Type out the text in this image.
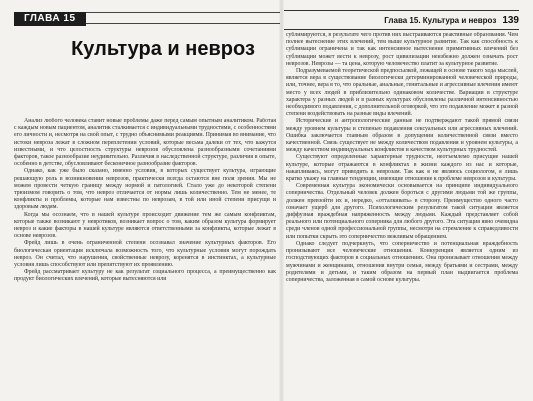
ГЛАВА 15
Культура и невроз

Анализ любого человека ставит новые проблемы даже перед самым опытным аналитиком. Работая с каждым новым пациентом, аналитик сталкивается с индивидуальными трудностями, с особенностями его личности и, несмотря на свой опыт, с трудно объяснимыми реакциями. Принимая во внимание, что истоки невроза лежат в сложном переплетении условий, которые весьма далеки от тех, что кажутся известными, и что целостность структуры неврозов обусловлена разнообразными сочетаниями факторов, такое разнообразие неудивительно. Различия в наследственной структуре, различия в опыте, особенно в детстве, обусловливают бесконечное разнообразие факторов.

Однако, как уже было сказано, именно условия, в которых существует культура, играющие решающую роль в возникновении неврозов, практически всегда остаются вне поля зрения. Мы не можем провести четкую границу между нормой и патологией. Стало уже до некоторой степени трюизмом говорить о том, что невроз отличается от нормы лишь количественно. Тем не менее, те конфликты и проблемы, которые нам известны по неврозам, в той или иной степени присущи и здоровым людям.

Когда мы осознаем, что в нашей культуре происходит движение тем же самым конфликтам, которые также возникают у невротиков, возникает вопрос о том, каким образом культура формирует невроз и какие факторы в нашей культуре являются ответственными за конфликты, которые лежат в основе неврозов.

Фрейд лишь в очень ограниченной степени осознавал значение культурных факторов. Его биологическая ориентация исключала возможность того, что культурные условия могут порождать невроз. Он считал, что нарушения, свойственные неврозу, коренятся в инстинктах, а культурные условия лишь способствуют или препятствуют их проявлению.

Фрейд рассматривает культуру не как результат социального процесса, а преимущественно как продукт биологических влечений, которые вытесняются или

Глава 15. Культура и невроз 139

сублимируются, в результате чего против них выстраиваются реактивные образования. Чем полнее вытеснение этих влечений, тем выше культурное развитие. Так как способность к сублимации ограничена и так как интенсивное вытеснение примитивных влечений без сублимации может вести к неврозу, рост цивилизации неизбежно должен означать рост неврозов. Неврозы — та цена, которую человечество платит за культурное развитие.

Подразумеваемой теоретической предпосылкой, лежащей в основе такого хода мыслей, является вера в существование биологически детерминированной человеческой природы, или, точнее, вера в то, что оральные, анальные, генитальные и агрессивные влечения имеют место у всех людей в приблизительно одинаковом количестве. Вариации в структуре характера у разных людей и в разных культурах обусловлены различной интенсивностью необходимого подавления, с дополнительной оговоркой, что это подавление может в разной степени воздействовать на разные виды влечений.

Исторические и антропологические данные не подтверждают такой прямой связи между уровнем культуры и степенью подавления сексуальных или агрессивных влечений. Ошибка заключается главным образом в допущении количественной связи вместо качественной. Связь существует не между количеством подавления и уровнем культуры, а между качеством индивидуальных конфликтов и качеством культурных трудностей.

Существуют определенные характерные трудности, неотъемлемо присущие нашей культуре, которые отражаются в конфликтах в жизни каждого из нас и которые, накапливаясь, могут приводить к неврозам. Так как я не являюсь социологом, я лишь кратко укажу на главные тенденции, имеющие отношение к проблеме неврозов и культуры.

Современная культура экономически основывается на принципе индивидуального соперничества. Отдельный человек должен бороться с другими людьми той же группы, должен превзойти их и, нередко, «отталкивать» в сторону. Преимущество одного часто означает ущерб для другого. Психологическим результатом такой ситуации является диффузная враждебная напряженность между людьми. Каждый представляет собой реального или потенциального соперника для любого другого. Эта ситуация явно очевидна среди членов одной профессиональной группы, несмотря на стремление к справедливости или попытки скрыть это соперничество вежливым обращением.

Однако следует подчеркнуть, что соперничество и потенциальная враждебность пронизывают все человеческие отношения. Конкуренция является одним из господствующих факторов в социальных отношениях. Она пронизывает отношения между мужчинами и женщинами, отношения внутри семьи, между братьями и сестрами, между родителями и детьми, и таким образом на первый план выдвигается проблема соперничества, заложенная в самой основе культуры.
